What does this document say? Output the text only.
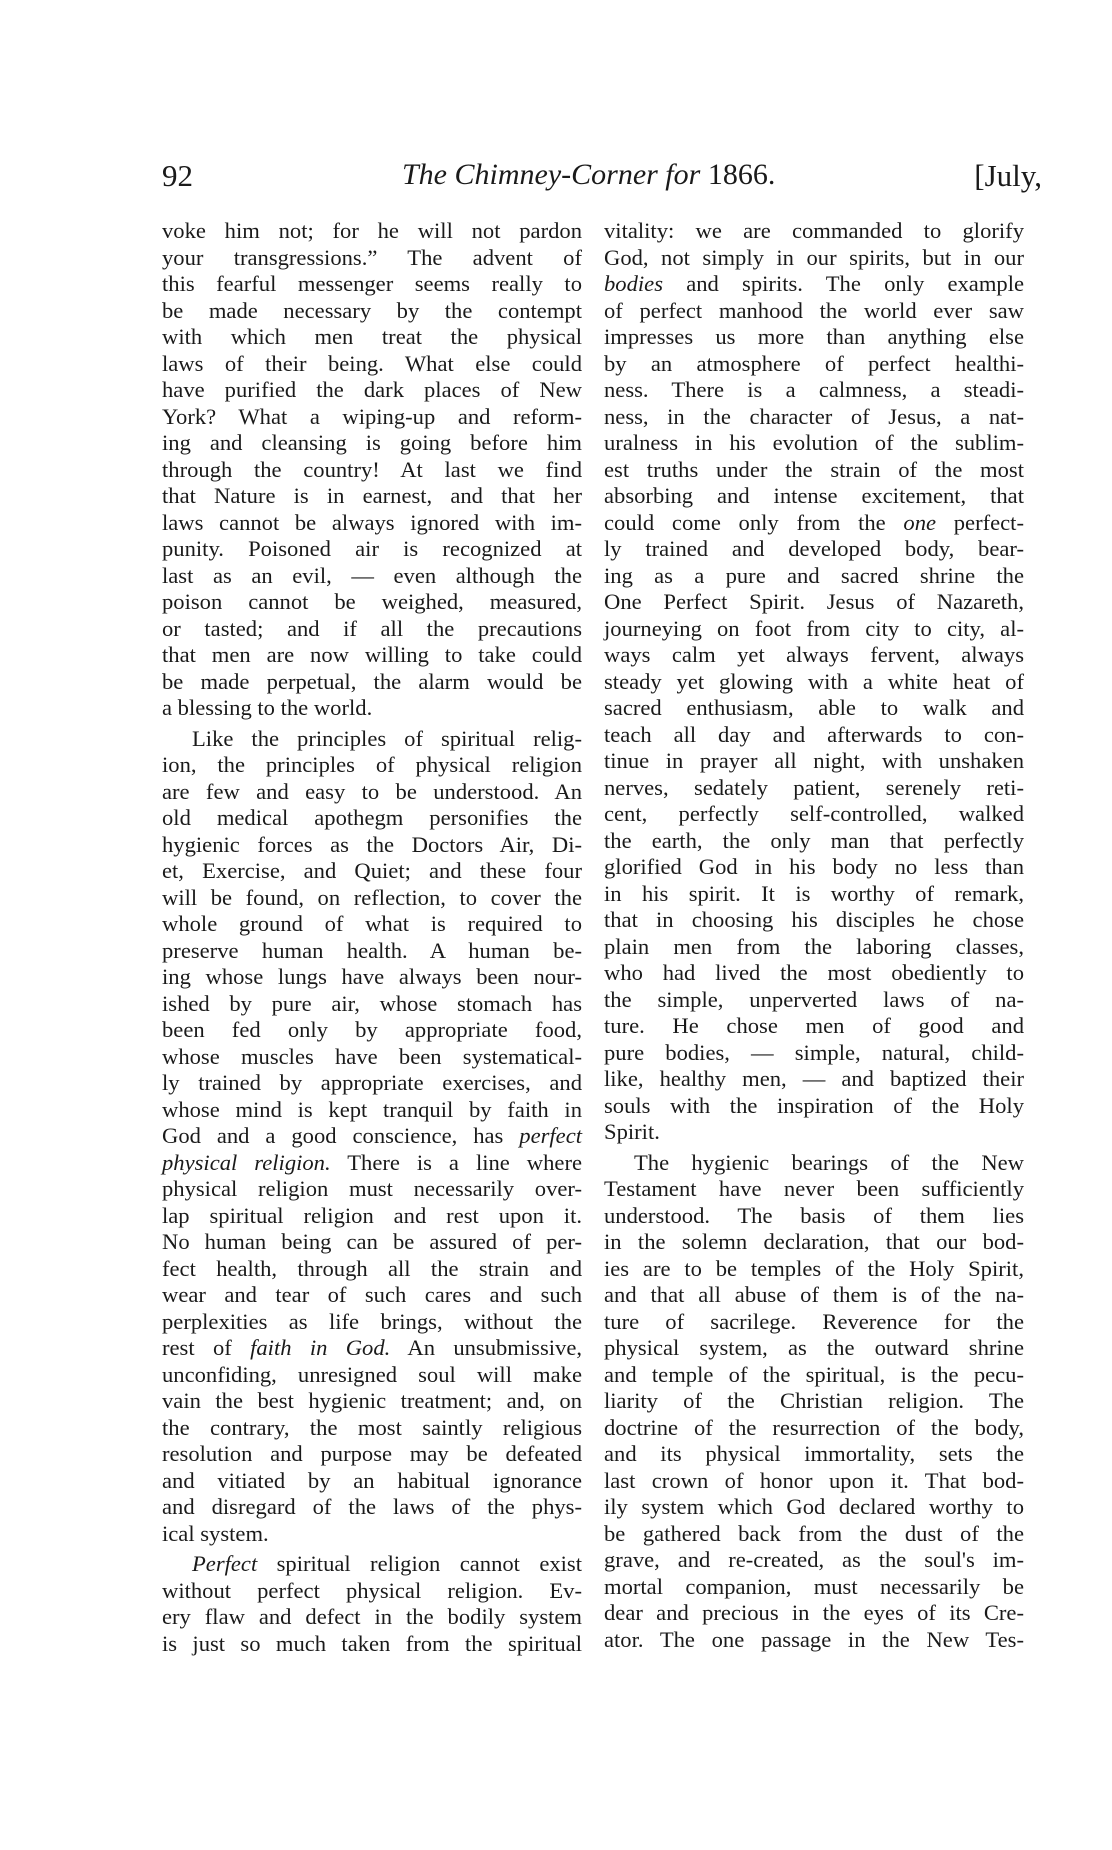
92	The Chimney-Corner for 1866.	[July,
voke him not; for he will not pardon
your transgressions.” The advent of
this fearful messenger seems really to
be made necessary by the contempt
with which men treat the physical
laws of their being. What else could
have purified the dark places of New
York? What a wiping-up and reform-
ing and cleansing is going before him
through the country! At last we find
that Nature is in earnest, and that her
laws cannot be always ignored with im-
punity. Poisoned air is recognized at
last as an evil, — even although the
poison cannot be weighed, measured,
or tasted; and if all the precautions
that men are now willing to take could
be made perpetual, the alarm would be
a blessing to the world.
Like the principles of spiritual relig-
ion, the principles of physical religion
are few and easy to be understood. An
old medical apothegm personifies the
hygienic forces as the Doctors Air, Di-
et, Exercise, and Quiet; and these four
will be found, on reflection, to cover the
whole ground of what is required to
preserve human health. A human be-
ing whose lungs have always been nour-
ished by pure air, whose stomach has
been fed only by appropriate food,
whose muscles have been systematical-
ly trained by appropriate exercises, and
whose mind is kept tranquil by faith in
God and a good conscience, has perfect
physical religion. There is a line where
physical religion must necessarily over-
lap spiritual religion and rest upon it.
No human being can be assured of per-
fect health, through all the strain and
wear and tear of such cares and such
perplexities as life brings, without the
rest of faith in God. An unsubmissive,
unconfiding, unresigned soul will make
vain the best hygienic treatment; and, on
the contrary, the most saintly religious
resolution and purpose may be defeated
and vitiated by an habitual ignorance
and disregard of the laws of the phys-
ical system.
Perfect spiritual religion cannot exist
without perfect physical religion. Ev-
ery flaw and defect in the bodily system
is just so much taken from the spiritual
vitality: we are commanded to glorify
God, not simply in our spirits, but in our
bodies and spirits. The only example
of perfect manhood the world ever saw
impresses us more than anything else
by an atmosphere of perfect healthi-
ness. There is a calmness, a steadi-
ness, in the character of Jesus, a nat-
uralness in his evolution of the sublim-
est truths under the strain of the most
absorbing and intense excitement, that
could come only from the one perfect-
ly trained and developed body, bear-
ing as a pure and sacred shrine the
One Perfect Spirit. Jesus of Nazareth,
journeying on foot from city to city, al-
ways calm yet always fervent, always
steady yet glowing with a white heat of
sacred enthusiasm, able to walk and
teach all day and afterwards to con-
tinue in prayer all night, with unshaken
nerves, sedately patient, serenely reti-
cent, perfectly self-controlled, walked
the earth, the only man that perfectly
glorified God in his body no less than
in his spirit. It is worthy of remark,
that in choosing his disciples he chose
plain men from the laboring classes,
who had lived the most obediently to
the simple, unperverted laws of na-
ture. He chose men of good and
pure bodies, — simple, natural, child-
like, healthy men, — and baptized their
souls with the inspiration of the Holy
Spirit.
The hygienic bearings of the New
Testament have never been sufficiently
understood. The basis of them lies
in the solemn declaration, that our bod-
ies are to be temples of the Holy Spirit,
and that all abuse of them is of the na-
ture of sacrilege. Reverence for the
physical system, as the outward shrine
and temple of the spiritual, is the pecu-
liarity of the Christian religion. The
doctrine of the resurrection of the body,
and its physical immortality, sets the
last crown of honor upon it. That bod-
ily system which God declared worthy to
be gathered back from the dust of the
grave, and re-created, as the soul's im-
mortal companion, must necessarily be
dear and precious in the eyes of its Cre-
ator. The one passage in the New Tes-
